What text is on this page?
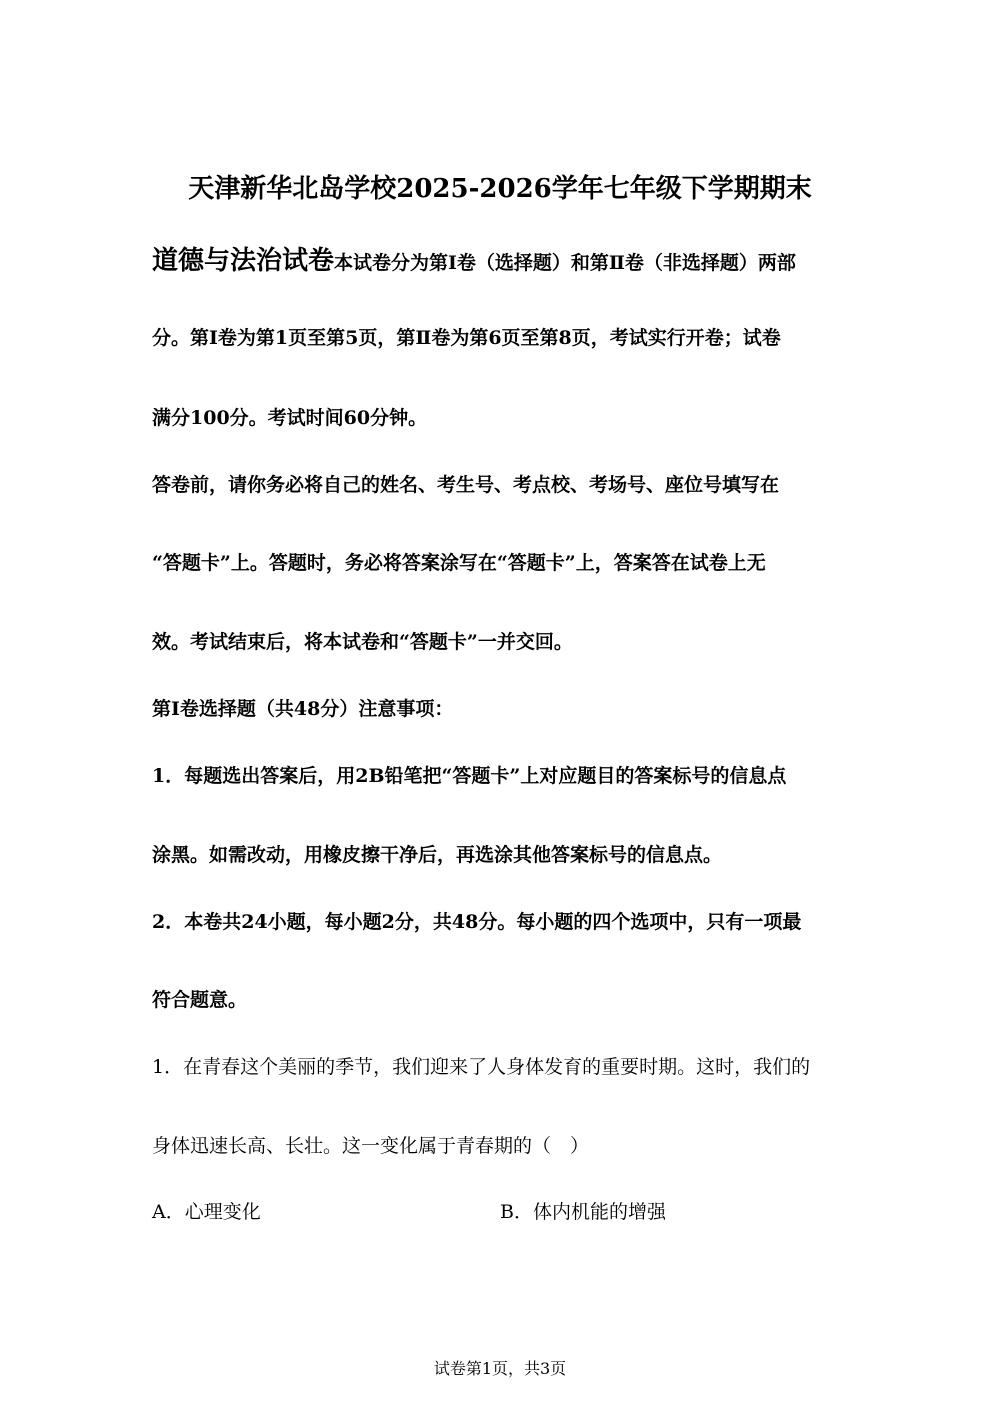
天津新华北岛学校2025-2026学年七年级下学期期末
道德与法治试卷本试卷分为第Ⅰ卷（选择题）和第Ⅱ卷（非选择题）两部
分。第Ⅰ卷为第1页至第5页，第Ⅱ卷为第6页至第8页，考试实行开卷；试卷
满分100分。考试时间60分钟。
答卷前，请你务必将自己的姓名、考生号、考点校、考场号、座位号填写在
“答题卡”上。答题时，务必将答案涂写在“答题卡”上，答案答在试卷上无
效。考试结束后，将本试卷和“答题卡”一并交回。
第Ⅰ卷选择题（共48分）注意事项：
1．每题选出答案后，用2B铅笔把“答题卡”上对应题目的答案标号的信息点
涂黑。如需改动，用橡皮擦干净后，再选涂其他答案标号的信息点。
2．本卷共24小题，每小题2分，共48分。每小题的四个选项中，只有一项最
符合题意。
1．在青春这个美丽的季节，我们迎来了人身体发育的重要时期。这时，我们的
身体迅速长高、长壮。这一变化属于青春期的（　）
A．心理变化	B．体内机能的增强
试卷第1页，共3页
